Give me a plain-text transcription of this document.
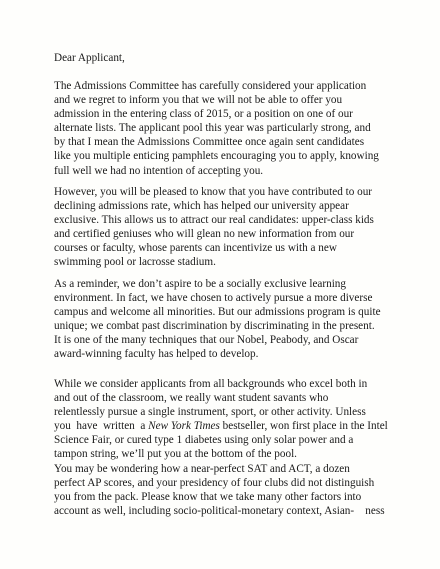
Dear Applicant,
The Admissions Committee has carefully considered your application
and we regret to inform you that we will not be able to offer you
admission in the entering class of 2015, or a position on one of our
alternate lists. The applicant pool this year was particularly strong, and
by that I mean the Admissions Committee once again sent candidates
like you multiple enticing pamphlets encouraging you to apply, knowing
full well we had no intention of accepting you.
However, you will be pleased to know that you have contributed to our
declining admissions rate, which has helped our university appear
exclusive. This allows us to attract our real candidates: upper-class kids
and certified geniuses who will glean no new information from our
courses or faculty, whose parents can incentivize us with a new
swimming pool or lacrosse stadium.
As a reminder, we don’t aspire to be a socially exclusive learning
environment. In fact, we have chosen to actively pursue a more diverse
campus and welcome all minorities. But our admissions program is quite
unique; we combat past discrimination by discriminating in the present.
It is one of the many techniques that our Nobel, Peabody, and Oscar
award-winning faculty has helped to develop.
While we consider applicants from all backgrounds who excel both in
and out of the classroom, we really want student savants who
relentlessly pursue a single instrument, sport, or other activity. Unless
you  have  written  a New York Times bestseller, won first place in the Intel
Science Fair, or cured type 1 diabetes using only solar power and a
tampon string, we’ll put you at the bottom of the pool.
You may be wondering how a near-perfect SAT and ACT, a dozen
perfect AP scores, and your presidency of four clubs did not distinguish
you from the pack. Please know that we take many other factors into
account as well, including socio-political-monetary context, Asian-    ness
